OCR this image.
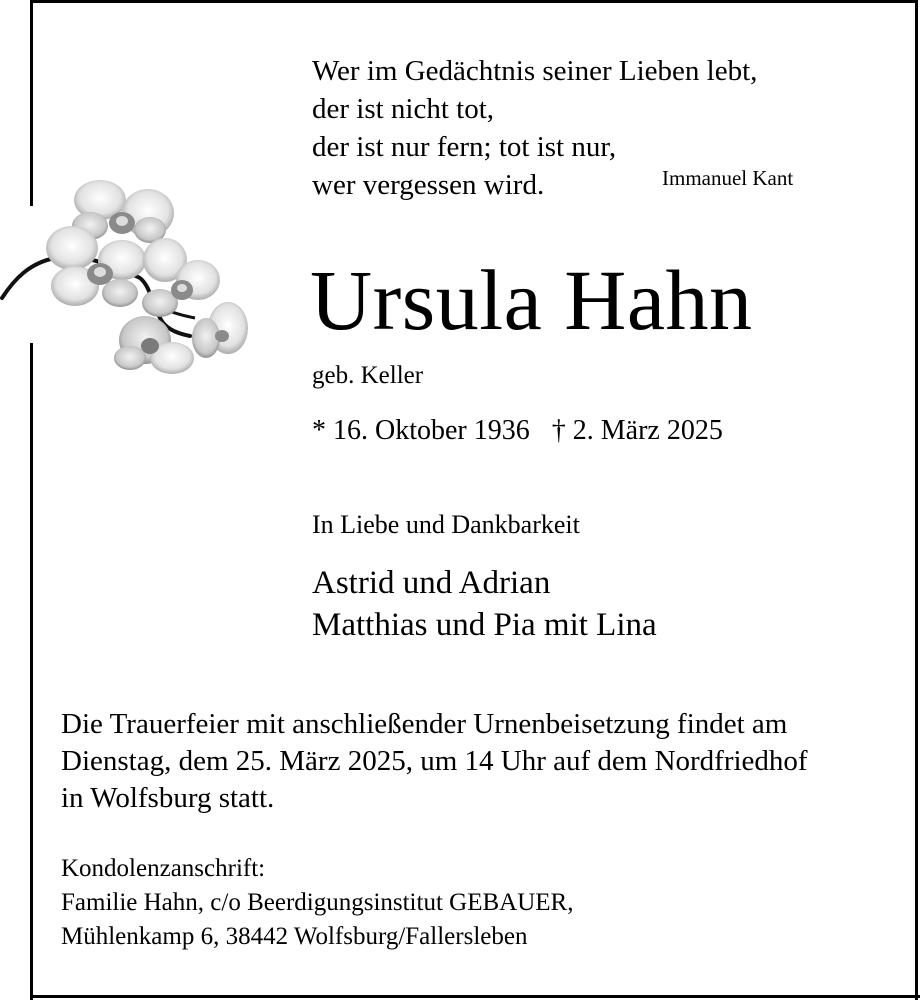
Wer im Gedächtnis seiner Lieben lebt,
der ist nicht tot,
der ist nur fern; tot ist nur,
wer vergessen wird.	Immanuel Kant
Ursula Hahn
geb. Keller
* 16. Oktober 1936 † 2. März 2025
In Liebe und Dankbarkeit
Astrid und Adrian
Matthias und Pia mit Lina
Die Trauerfeier mit anschließender Urnenbeisetzung findet am
Dienstag, dem 25. März 2025, um 14 Uhr auf dem Nordfriedhof
in Wolfsburg statt.
Kondolenzanschrift:
Familie Hahn, c/o Beerdigungsinstitut GEBAUER,
Mühlenkamp 6, 38442 Wolfsburg/Fallersleben
